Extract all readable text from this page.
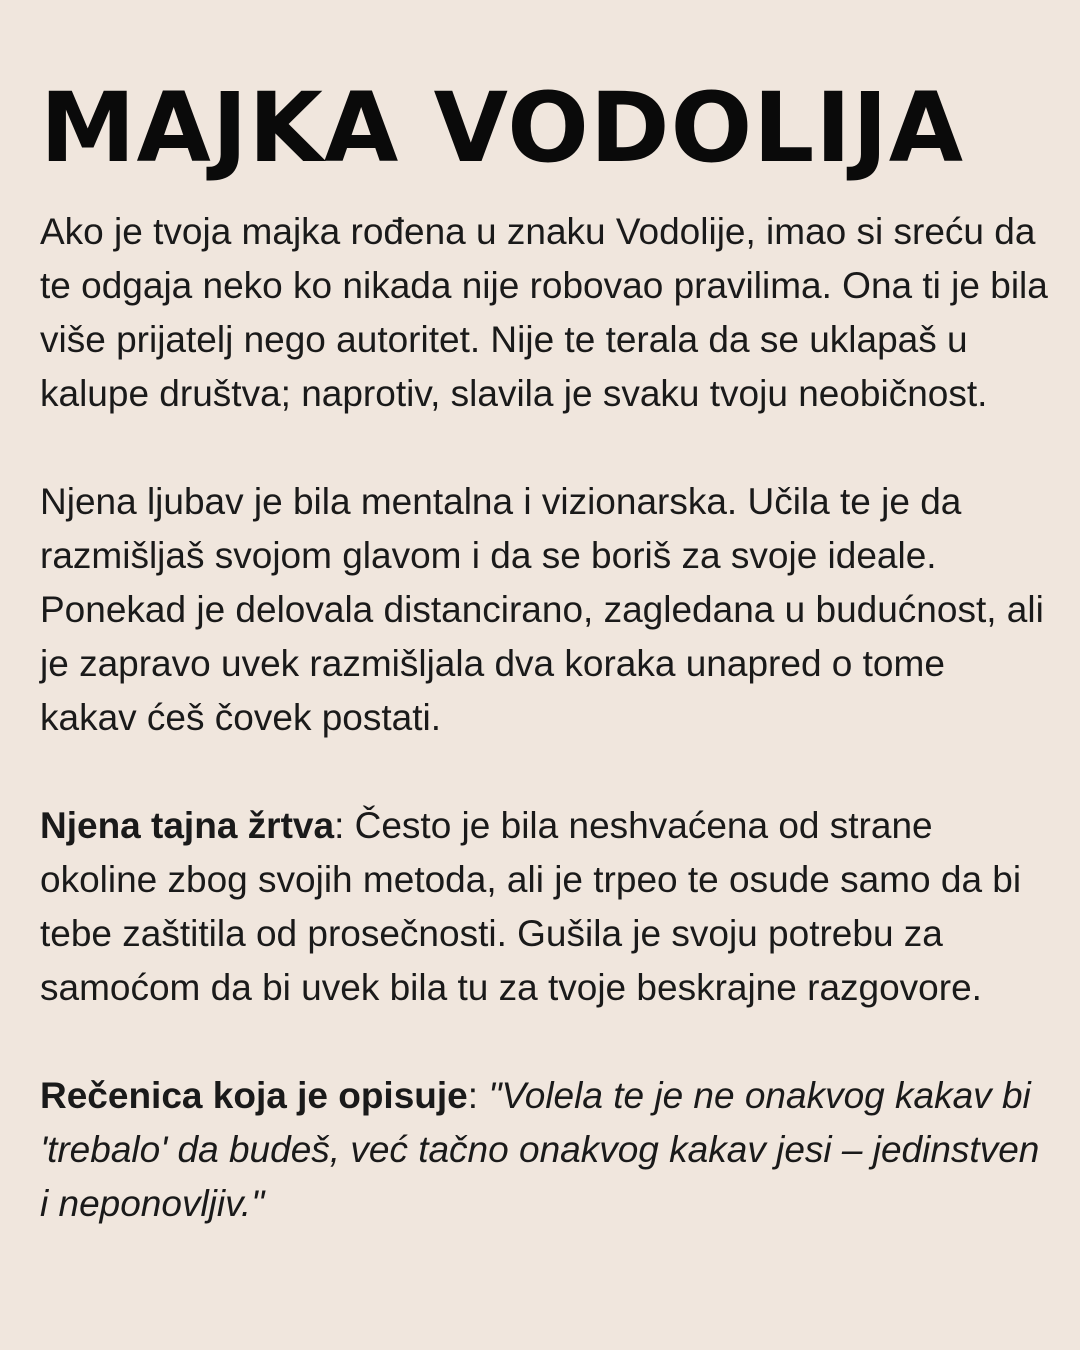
MAЈKA VODOLIЈA

Ako je tvoja majka rođena u znaku Vodolije, imao si sreću da te odgaja neko ko nikada nije robovao pravilima. Ona ti je bila više prijatelj nego autoritet. Nije te terala da se uklapaš u kalupe društva; naprotiv, slavila je svaku tvoju neobičnost.

Njena ljubav je bila mentalna i vizionarska. Učila te je da razmišljaš svojom glavom i da se boriš za svoje ideale. Ponekad je delovala distancirano, zagledana u budućnost, ali je zapravo uvek razmišljala dva koraka unapred o tome kakav ćeš čovek postati.

Njena tajna žrtva: Često je bila neshvaćena od strane okoline zbog svojih metoda, ali je trpeo te osude samo da bi tebe zaštitila od prosečnosti. Gušila je svoju potrebu za samoćom da bi uvek bila tu za tvoje beskrajne razgovore.

Rečenica koja je opisuje: "Volela te je ne onakvog kakav bi 'trebalo' da budeš, već tačno onakvog kakav jesi – jedinstven i neponovljiv."
